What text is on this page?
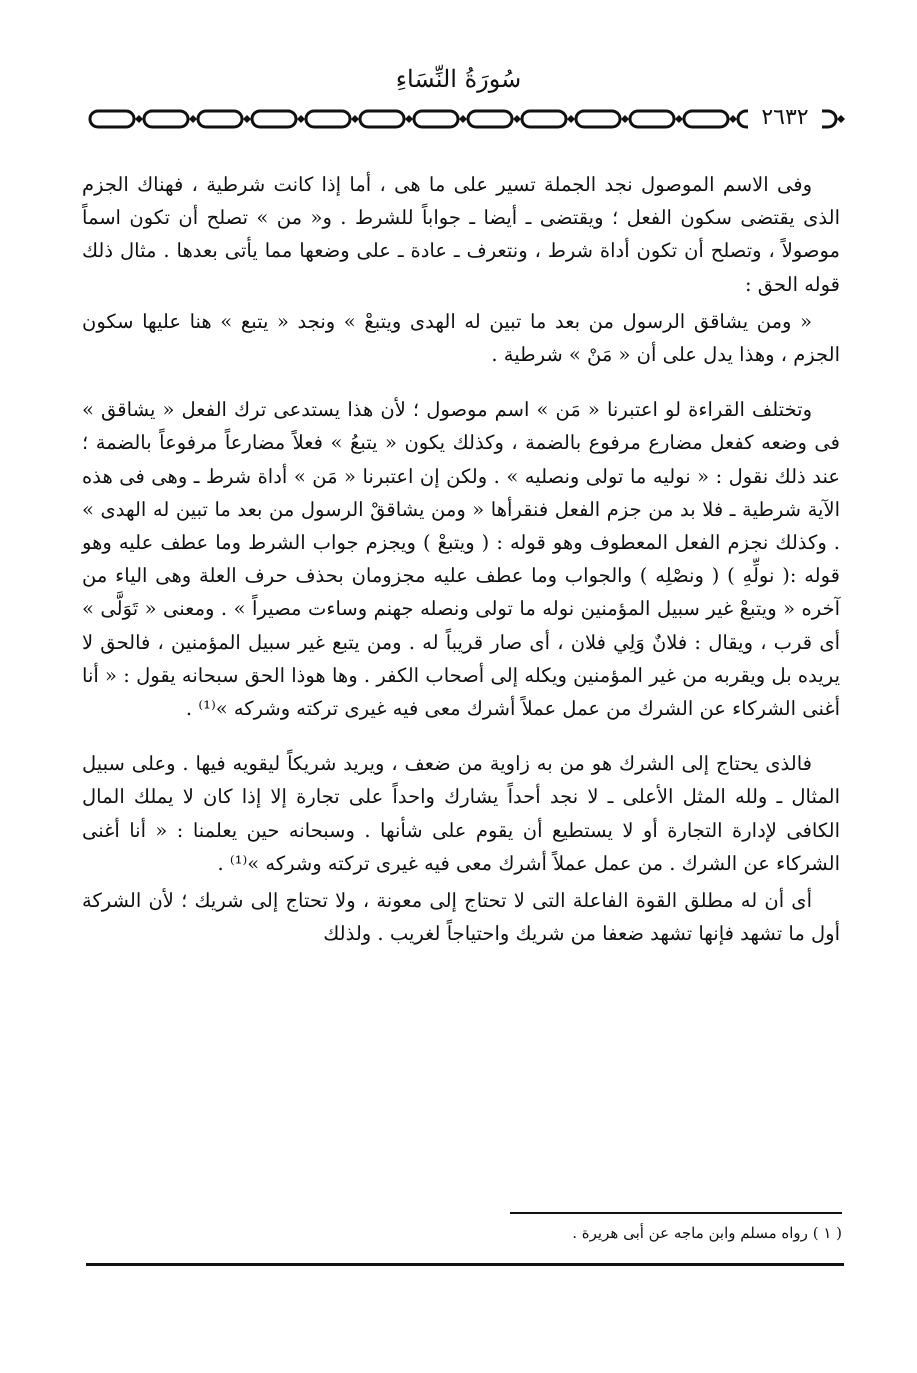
سُورَةُ النِّسَاءِ
٢٦٣٢

وفى الاسم الموصول نجد الجملة تسير على ما هى ، أما إذا كانت شرطية ، فهناك الجزم الذى يقتضى سكون الفعل ؛ ويقتضى ـ أيضا ـ جواباً للشرط . و« من » تصلح أن تكون اسماً موصولاً ، وتصلح أن تكون أداة شرط ، ونتعرف ـ عادة ـ على وضعها مما يأتى بعدها . مثال ذلك قوله الحق :

« ومن يشاقق الرسول من بعد ما تبين له الهدى ويتبعْ » ونجد « يتبع » هنا عليها سكون الجزم ، وهذا يدل على أن « مَنْ » شرطية .

وتختلف القراءة لو اعتبرنا « مَن » اسم موصول ؛ لأن هذا يستدعى ترك الفعل « يشاقق » فى وضعه كفعل مضارع مرفوع بالضمة ، وكذلك يكون « يتبعُ » فعلاً مضارعاً مرفوعاً بالضمة ؛ عند ذلك نقول : « نوليه ما تولى ونصليه » . ولكن إن اعتبرنا « مَن » أداة شرط ـ وهى فى هذه الآية شرطية ـ فلا بد من جزم الفعل فنقرأها « ومن يشاققْ الرسول من بعد ما تبين له الهدى » . وكذلك نجزم الفعل المعطوف وهو قوله : ( ويتبعْ ) ويجزم جواب الشرط وما عطف عليه وهو قوله :( نولِّهِ ) ( ونصْلِه ) والجواب وما عطف عليه مجزومان بحذف حرف العلة وهى الياء من آخره « ويتبعْ غير سبيل المؤمنين نوله ما تولى ونصله جهنم وساءت مصيراً » . ومعنى « تَوَلَّى » أى قرب ، ويقال : فلانٌ وَلِي فلان ، أى صار قريباً له . ومن يتبع غير سبيل المؤمنين ، فالحق لا يريده بل ويقربه من غير المؤمنين ويكله إلى أصحاب الكفر . وها هوذا الحق سبحانه يقول : « أنا أغنى الشركاء عن الشرك من عمل عملاً أشرك معى فيه غيرى تركته وشركه »⁽¹⁾ .

فالذى يحتاج إلى الشرك هو من به زاوية من ضعف ، ويريد شريكاً ليقويه فيها . وعلى سبيل المثال ـ ولله المثل الأعلى ـ لا نجد أحداً يشارك واحداً على تجارة إلا إذا كان لا يملك المال الكافى لإدارة التجارة أو لا يستطيع أن يقوم على شأنها . وسبحانه حين يعلمنا : « أنا أغنى الشركاء عن الشرك . من عمل عملاً أشرك معى فيه غيرى تركته وشركه »⁽¹⁾ .

أى أن له مطلق القوة الفاعلة التى لا تحتاج إلى معونة ، ولا تحتاج إلى شريك ؛ لأن الشركة أول ما تشهد فإنها تشهد ضعفا من شريك واحتياجاً لغريب . ولذلك

( ١ ) رواه مسلم وابن ماجه عن أبى هريرة .
